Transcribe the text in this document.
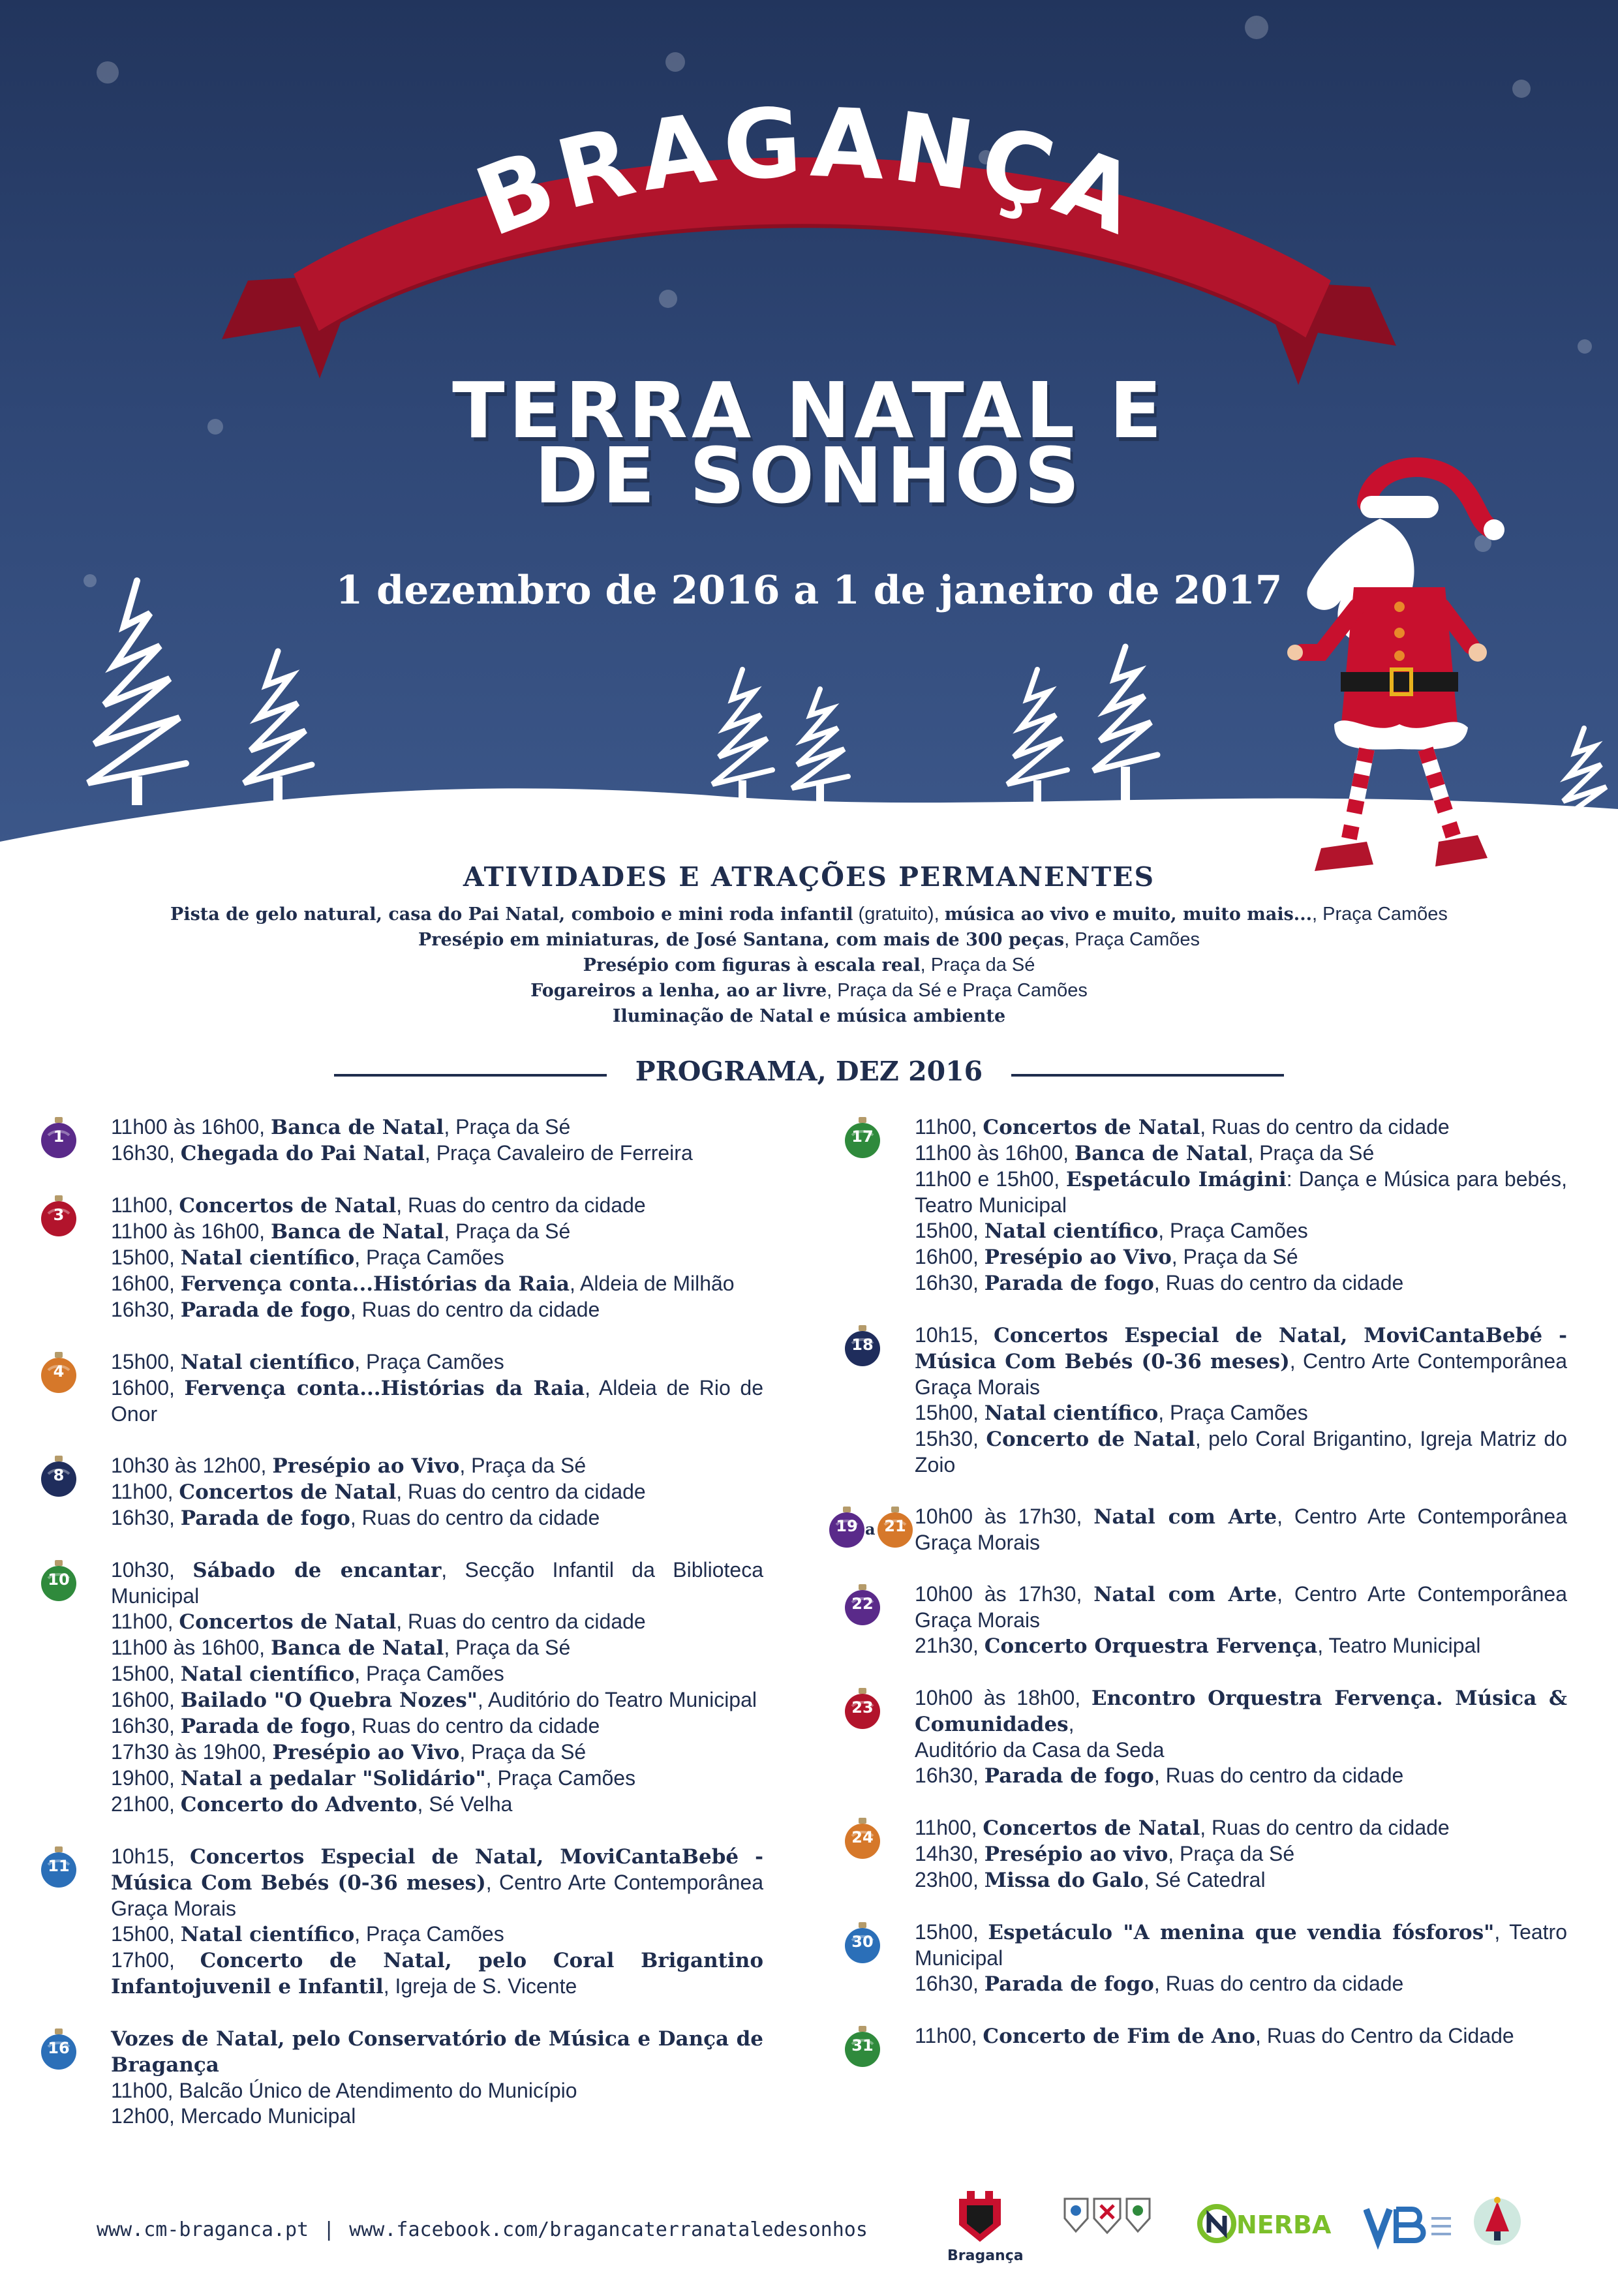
BRAGANÇA
TERRA NATAL E
DE SONHOS
1 dezembro de 2016 a 1 de janeiro de 2017
ATIVIDADES E ATRAÇÕES PERMANENTES
Pista de gelo natural, casa do Pai Natal, comboio e mini roda infantil (gratuito), música ao vivo e muito, muito mais..., Praça Camões
Presépio em miniaturas, de José Santana, com mais de 300 peças, Praça Camões
Presépio com figuras à escala real, Praça da Sé
Fogareiros a lenha, ao ar livre, Praça da Sé e Praça Camões
Iluminação de Natal e música ambiente
PROGRAMA, DEZ 2016
1	11h00 às 16h00, Banca de Natal, Praça da Sé
16h30, Chegada do Pai Natal, Praça Cavaleiro de Ferreira
3	11h00, Concertos de Natal, Ruas do centro da cidade
11h00 às 16h00, Banca de Natal, Praça da Sé
15h00, Natal científico, Praça Camões
16h00, Fervença conta...Histórias da Raia, Aldeia de Milhão
16h30, Parada de fogo, Ruas do centro da cidade
4	15h00, Natal científico, Praça Camões
16h00, Fervença conta...Histórias da Raia, Aldeia de Rio de Onor
8	10h30 às 12h00, Presépio ao Vivo, Praça da Sé
11h00, Concertos de Natal, Ruas do centro da cidade
16h30, Parada de fogo, Ruas do centro da cidade
10	10h30, Sábado de encantar, Secção Infantil da Biblioteca Municipal
11h00, Concertos de Natal, Ruas do centro da cidade
11h00 às 16h00, Banca de Natal, Praça da Sé
15h00, Natal científico, Praça Camões
16h00, Bailado "O Quebra Nozes", Auditório do Teatro Municipal
16h30, Parada de fogo, Ruas do centro da cidade
17h30 às 19h00, Presépio ao Vivo, Praça da Sé
19h00, Natal a pedalar "Solidário", Praça Camões
21h00, Concerto do Advento, Sé Velha
11	10h15, Concertos Especial de Natal, MoviCantaBebé - Música Com Bebés (0-36 meses), Centro Arte Contemporânea Graça Morais
15h00, Natal científico, Praça Camões
17h00, Concerto de Natal, pelo Coral Brigantino Infantojuvenil e Infantil, Igreja de S. Vicente
16	Vozes de Natal, pelo Conservatório de Música e Dança de Bragança
11h00, Balcão Único de Atendimento do Município
12h00, Mercado Municipal
17	11h00, Concertos de Natal, Ruas do centro da cidade
11h00 às 16h00, Banca de Natal, Praça da Sé
11h00 e 15h00, Espetáculo Imágini: Dança e Música para bebés, Teatro Municipal
15h00, Natal científico, Praça Camões
16h00, Presépio ao Vivo, Praça da Sé
16h30, Parada de fogo, Ruas do centro da cidade
18	10h15, Concertos Especial de Natal, MoviCantaBebé - Música Com Bebés (0-36 meses), Centro Arte Contemporânea Graça Morais
15h00, Natal científico, Praça Camões
15h30, Concerto de Natal, pelo Coral Brigantino, Igreja Matriz do Zoio
19 a 21 10h00 às 17h30, Natal com Arte, Centro Arte Contemporânea Graça Morais
22	10h00 às 17h30, Natal com Arte, Centro Arte Contemporânea Graça Morais
21h30, Concerto Orquestra Fervença, Teatro Municipal
23	10h00 às 18h00, Encontro Orquestra Fervença. Música & Comunidades,
Auditório da Casa da Seda
16h30, Parada de fogo, Ruas do centro da cidade
24	11h00, Concertos de Natal, Ruas do centro da cidade
14h30, Presépio ao vivo, Praça da Sé
23h00, Missa do Galo, Sé Catedral
30	15h00, Espetáculo "A menina que vendia fósforos", Teatro Municipal
16h30, Parada de fogo, Ruas do centro da cidade
31	11h00, Concerto de Fim de Ano, Ruas do Centro da Cidade
www.cm-braganca.pt | www.facebook.com/bragancaterranataledesonhos
Bragança
NERBA
